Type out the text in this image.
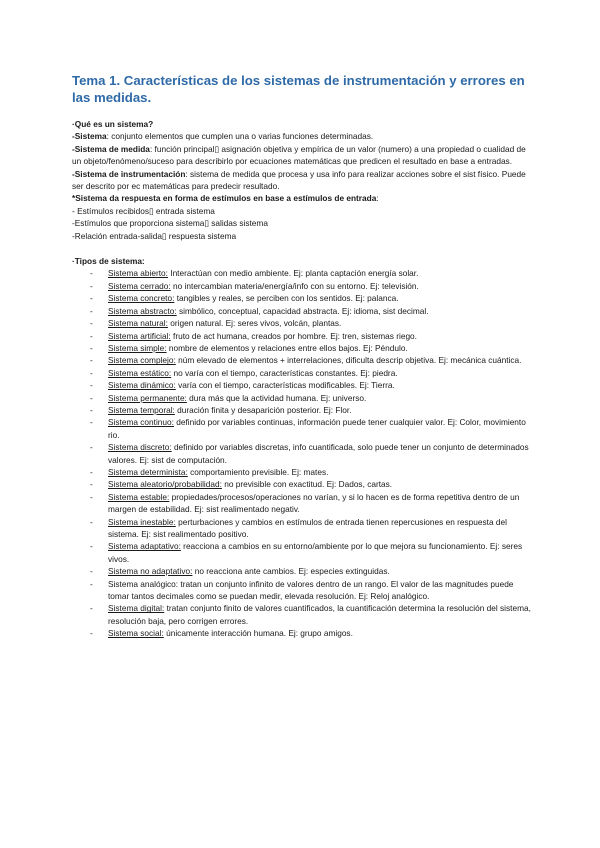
Tema 1. Características de los sistemas de instrumentación y errores en las medidas.

·Qué es un sistema?

-Sistema: conjunto elementos que cumplen una o varias funciones determinadas.

-Sistema de medida: función principal▯ asignación objetiva y empírica de un valor (numero) a una propiedad o cualidad de un objeto/fenómeno/suceso para describirlo por ecuaciones matemáticas que predicen el resultado en base a entradas.

-Sistema de instrumentación: sistema de medida que procesa y usa info para realizar acciones sobre el sist físico. Puede ser descrito por ec matemáticas para predecir resultado.

*Sistema da respuesta en forma de estímulos en base a estímulos de entrada:

- Estímulos recibidos▯ entrada sistema

-Estímulos que proporciona sistema▯ salidas sistema

-Relación entrada-salida▯ respuesta sistema

·Tipos de sistema:

- Sistema abierto: Interactúan con medio ambiente. Ej: planta captación energía solar.
- Sistema cerrado: no intercambian materia/energía/info con su entorno. Ej: televisión.
- Sistema concreto: tangibles y reales, se perciben con los sentidos. Ej: palanca.
- Sistema abstracto: simbólico, conceptual, capacidad abstracta. Ej: idioma, sist decimal.
- Sistema natural: origen natural. Ej: seres vivos, volcán, plantas.
- Sistema artificial: fruto de act humana, creados por hombre. Ej: tren, sistemas riego.
- Sistema simple: nombre de elementos y relaciones entre ellos bajos. Ej: Péndulo.
- Sistema complejo: núm elevado de elementos + interrelaciones, dificulta descrip objetiva. Ej: mecánica cuántica.
- Sistema estático: no varía con el tiempo, características constantes. Ej: piedra.
- Sistema dinámico: varía con el tiempo, características modificables. Ej: Tierra.
- Sistema permanente: dura más que la actividad humana. Ej: universo.
- Sistema temporal: duración finita y desaparición posterior. Ej: Flor.
- Sistema continuo: definido por variables continuas, información puede tener cualquier valor. Ej: Color, movimiento rio.
- Sistema discreto: definido por variables discretas, info cuantificada, solo puede tener un conjunto de determinados valores. Ej: sist de computación.
- Sistema determinista: comportamiento previsible. Ej: mates.
- Sistema aleatorio/probabilidad: no previsible con exactitud. Ej: Dados, cartas.
- Sistema estable: propiedades/procesos/operaciones no varían, y si lo hacen es de forma repetitiva dentro de un margen de estabilidad. Ej: sist realimentado negativ.
- Sistema inestable: perturbaciones y cambios en estímulos de entrada tienen repercusiones en respuesta del sistema. Ej: sist realimentado positivo.
- Sistema adaptativo: reacciona a cambios en su entorno/ambiente por lo que mejora su funcionamiento. Ej: seres vivos.
- Sistema no adaptativo: no reacciona ante cambios. Ej: especies extinguidas.
- Sistema analógico: tratan un conjunto infinito de valores dentro de un rango. El valor de las magnitudes puede tomar tantos decimales como se puedan medir, elevada resolución. Ej: Reloj analógico.
- Sistema digital: tratan conjunto finito de valores cuantificados, la cuantificación determina la resolución del sistema, resolución baja, pero corrigen errores.
- Sistema social: únicamente interacción humana. Ej: grupo amigos.
